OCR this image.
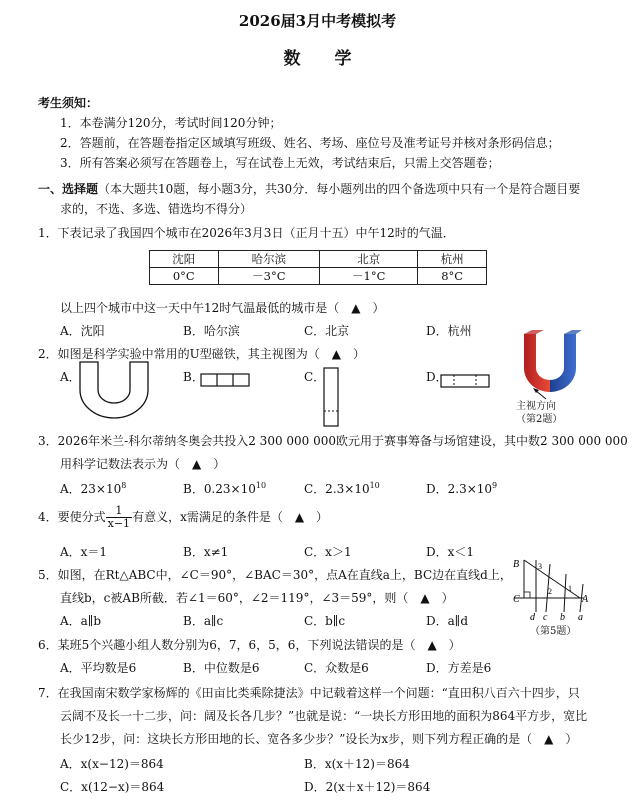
2026届3月中考模拟考
数 学
考生须知：
1．本卷满分120分，考试时间120分钟；
2．答题前，在答题卷指定区域填写班级、姓名、考场、座位号及准考证号并核对条形码信息；
3．所有答案必须写在答题卷上，写在试卷上无效，考试结束后，只需上交答题卷；
一、选择题（本大题共10题，每小题3分，共30分．每小题列出的四个备选项中只有一个是符合题目要
求的，不选、多选、错选均不得分）
1．下表记录了我国四个城市在2026年3月3日（正月十五）中午12时的气温．
沈阳	哈尔滨	北京	杭州
0°C	－3°C	－1°C	8°C
以上四个城市中这一天中午12时气温最低的城市是（　▲　）
A．沈阳	B．哈尔滨	C．北京	D．杭州
2．如图是科学实验中常用的U型磁铁，其主视图为（　▲　）
A．	B．	C．	D．
主视方向
（第2题）
3．2026年米兰-科尔蒂纳冬奥会共投入2 300 000 000欧元用于赛事筹备与场馆建设，其中数2 300 000 000
用科学记数法表示为（　▲　）
A．$23\times 10^8$	B．$0.23\times 10^{10}$	C．$2.3\times 10^{10}$	D．$2.3\times 10^9$
4．要使分式 $\frac{1}{x-1}$ 有意义，x需满足的条件是（　▲　）
A．x＝1	B．x≠1	C．x＞1	D．x＜1
5．如图，在Rt△ABC中，∠C＝90°，∠BAC＝30°，点A在直线a上，BC边在直线d上，
直线b，c被AB所截．若∠1＝60°，∠2＝119°，∠3＝59°，则（　▲　）
A．a∥b	B．a∥c	C．b∥c	D．a∥d
B
C	A
1
2
3
d c b a
（第5题）
6．某班5个兴趣小组人数分别为6，7，6，5，6，下列说法错误的是（　▲　）
A．平均数是6	B．中位数是6	C．众数是6	D．方差是6
7．在我国南宋数学家杨辉的《田亩比类乘除捷法》中记载着这样一个问题：“直田积八百六十四步，只
云阔不及长一十二步，问：阔及长各几步？”也就是说：“一块长方形田地的面积为864平方步，宽比
长少12步，问：这块长方形田地的长、宽各多少步？”设长为x步，则下列方程正确的是（　▲　）
A．x(x−12)＝864	B．x(x＋12)＝864
C．x(12−x)＝864	D．2(x＋x＋12)＝864
